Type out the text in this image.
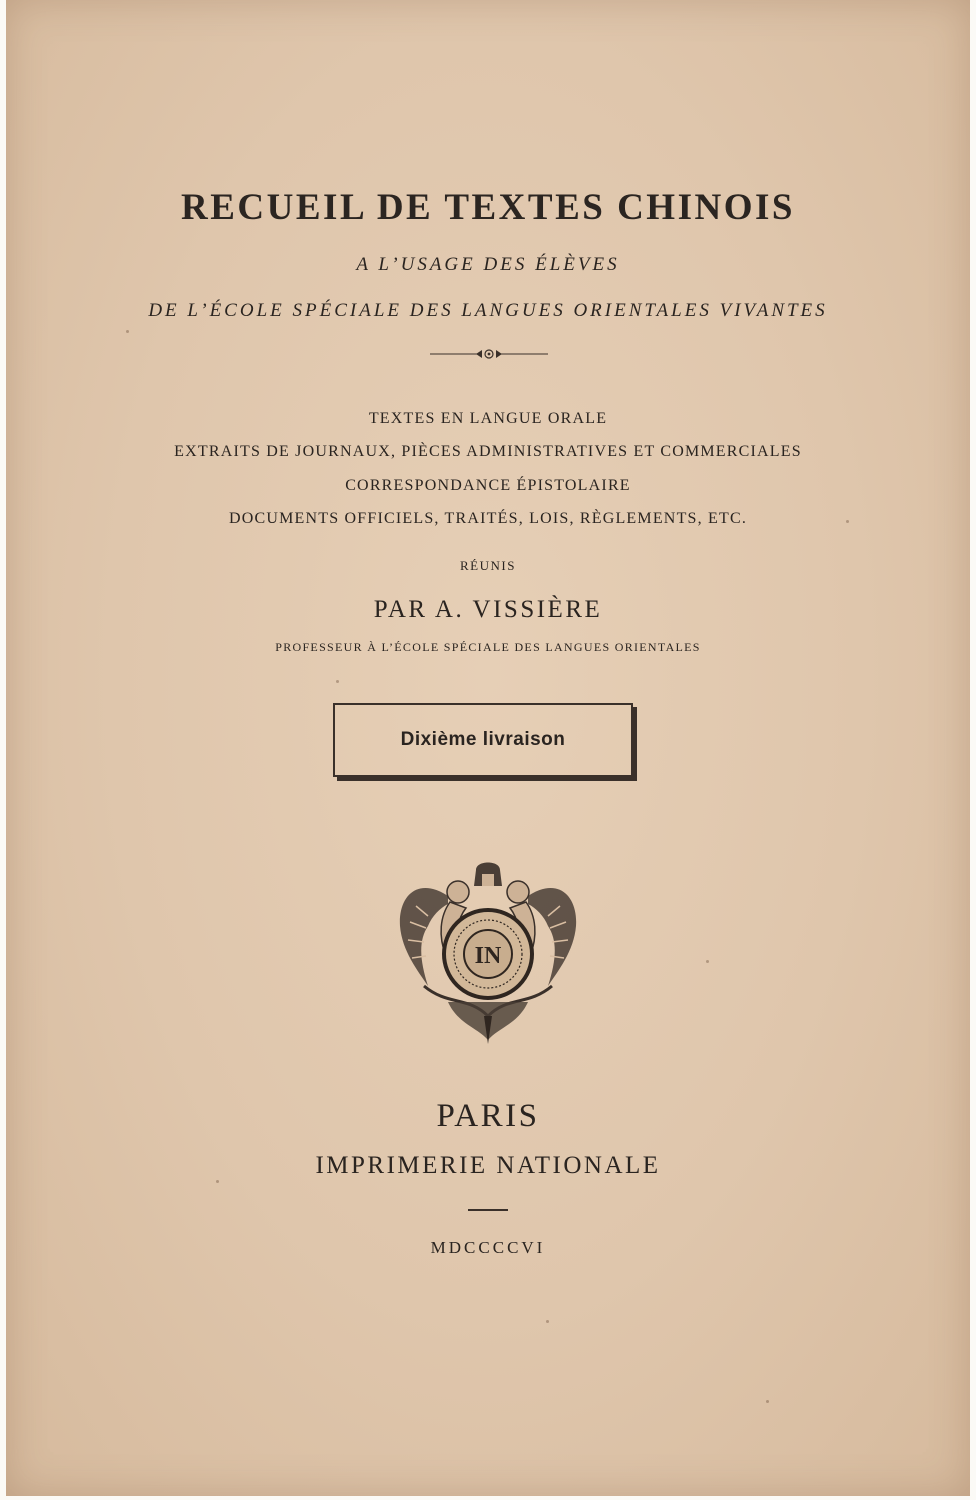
RECUEIL DE TEXTES CHINOIS
A L’USAGE DES ÉLÈVES
DE L’ÉCOLE SPÉCIALE DES LANGUES ORIENTALES VIVANTES
TEXTES EN LANGUE ORALE
EXTRAITS DE JOURNAUX, PIÈCES ADMINISTRATIVES ET COMMERCIALES
CORRESPONDANCE ÉPISTOLAIRE
DOCUMENTS OFFICIELS, TRAITÉS, LOIS, RÈGLEMENTS, ETC.
RÉUNIS
PAR A. VISSIÈRE
PROFESSEUR À L’ÉCOLE SPÉCIALE DES LANGUES ORIENTALES
Dixième livraison
IN
PARIS
IMPRIMERIE NATIONALE
MDCCCCVI
